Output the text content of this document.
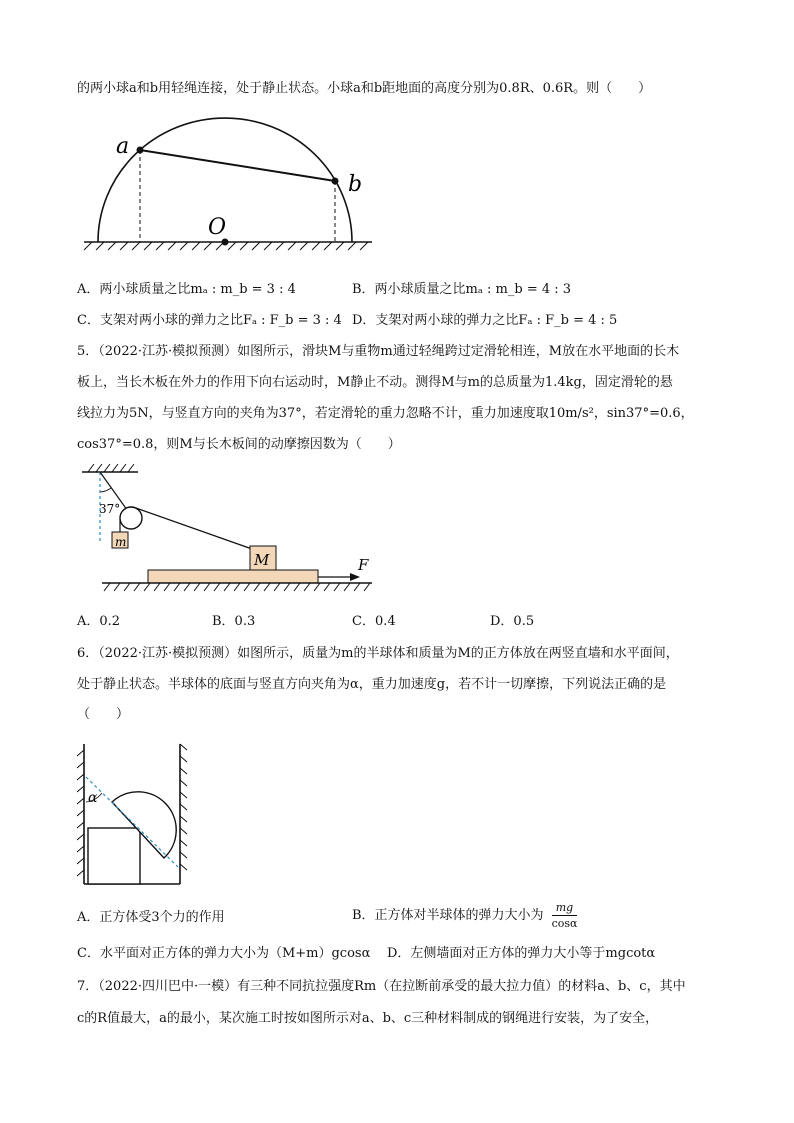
的两小球a和b用轻绳连接，处于静止状态。小球a和b距地面的高度分别为0.8R、0.6R。则（　　）
a
b
O
A．两小球质量之比mₐ : m_b = 3 : 4	B．两小球质量之比mₐ : m_b = 4 : 3
C．支架对两小球的弹力之比Fₐ : F_b = 3 : 4 D．支架对两小球的弹力之比Fₐ : F_b = 4 : 5
5．（2022·江苏·模拟预测）如图所示，滑块M与重物m通过轻绳跨过定滑轮相连，M放在水平地面的长木
板上，当长木板在外力的作用下向右运动时，M静止不动。测得M与m的总质量为1.4kg，固定滑轮的悬
线拉力为5N，与竖直方向的夹角为37°，若定滑轮的重力忽略不计，重力加速度取10m/s²，sin37°=0.6，
cos37°=0.8，则M与长木板间的动摩擦因数为（　　）
37°
m
M	F
A．0.2	B．0.3	C．0.4	D．0.5
6．（2022·江苏·模拟预测）如图所示，质量为m的半球体和质量为M的正方体放在两竖直墙和水平面间，
处于静止状态。半球体的底面与竖直方向夹角为α，重力加速度g，若不计一切摩擦，下列说法正确的是
（　　）
α
A．正方体受3个力的作用	B．正方体对半球体的弹力大小为 $\frac{mg}{\cos\alpha}$
C．水平面对正方体的弹力大小为（M+m）gcosα D．左侧墙面对正方体的弹力大小等于mgcotα
7．（2022·四川巴中·一模）有三种不同抗拉强度Rm（在拉断前承受的最大拉力值）的材料a、b、c，其中
c的R值最大，a的最小，某次施工时按如图所示对a、b、c三种材料制成的钢绳进行安装，为了安全，
